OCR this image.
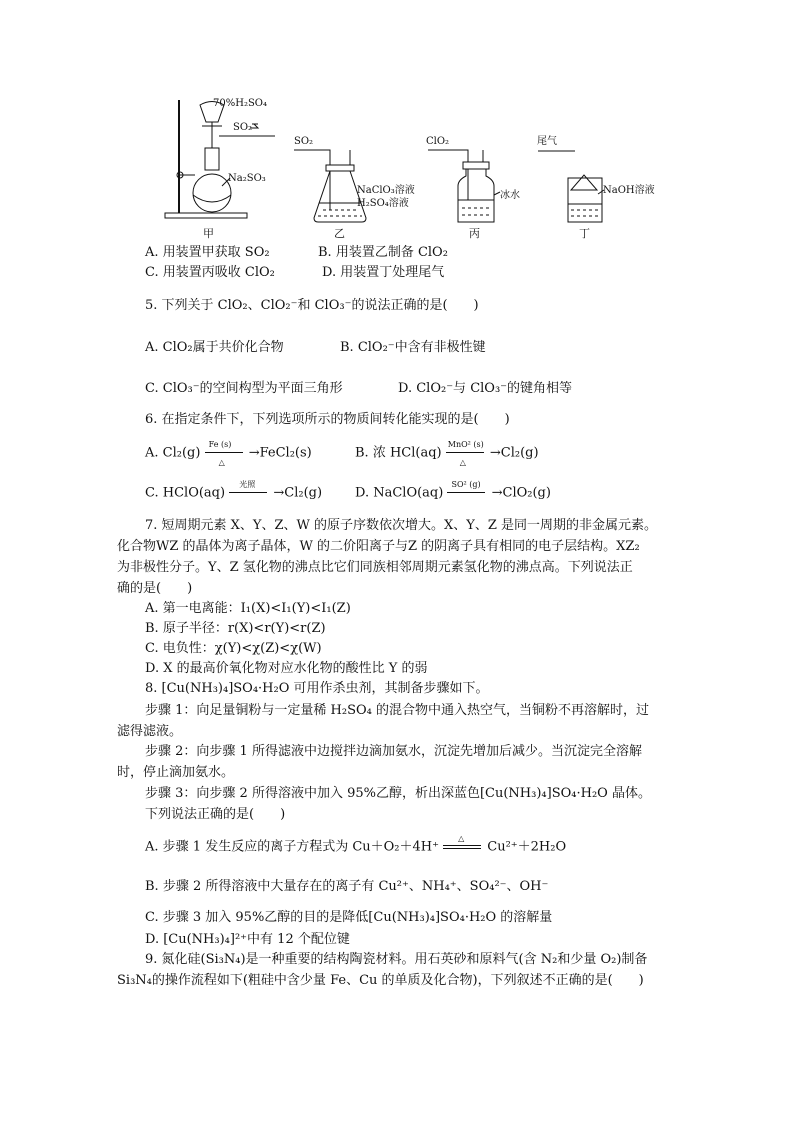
70%H₂SO₄
SO₂
Na₂SO₃
甲
SO₂
NaClO₃溶液
H₂SO₄溶液
乙
ClO₂
冰水
丙
尾气
NaOH溶液
丁
A. 用装置甲获取 SO₂	B. 用装置乙制备 ClO₂
C. 用装置丙吸收 ClO₂	D. 用装置丁处理尾气
5. 下列关于 ClO₂、ClO₂⁻和 ClO₃⁻的说法正确的是(　　)
A. ClO₂属于共价化合物	B. ClO₂⁻中含有非极性键
C. ClO₃⁻的空间构型为平面三角形	D. ClO₂⁻与 ClO₃⁻的键角相等
6. 在指定条件下，下列选项所示的物质间转化能实现的是(　　)
A. Cl₂(g)
Fe (s)
△
→FeCl₂(s)	B. 浓 HCl(aq)
MnO² (s)
△
→Cl₂(g)
C. HClO(aq)
光照
→Cl₂(g)	D. NaClO(aq)
SO² (g)
→ClO₂(g)
7. 短周期元素 X、Y、Z、W 的原子序数依次增大。X、Y、Z 是同一周期的非金属元素。
化合物WZ 的晶体为离子晶体，W 的二价阳离子与Z 的阴离子具有相同的电子层结构。XZ₂
为非极性分子。Y、Z 氢化物的沸点比它们同族相邻周期元素氢化物的沸点高。下列说法正
确的是(　　)
A. 第一电离能：I₁(X)<I₁(Y)<I₁(Z)
B. 原子半径：r(X)<r(Y)<r(Z)
C. 电负性：χ(Y)<χ(Z)<χ(W)
D. X 的最高价氧化物对应水化物的酸性比 Y 的弱
8. [Cu(NH₃)₄]SO₄·H₂O 可用作杀虫剂，其制备步骤如下。
步骤 1：向足量铜粉与一定量稀 H₂SO₄ 的混合物中通入热空气，当铜粉不再溶解时，过
滤得滤液。
步骤 2：向步骤 1 所得滤液中边搅拌边滴加氨水，沉淀先增加后减少。当沉淀完全溶解
时，停止滴加氨水。
步骤 3：向步骤 2 所得溶液中加入 95%乙醇，析出深蓝色[Cu(NH₃)₄]SO₄·H₂O 晶体。
下列说法正确的是(　　)
A. 步骤 1 发生反应的离子方程式为 Cu＋O₂＋4H⁺
△
Cu²⁺＋2H₂O
B. 步骤 2 所得溶液中大量存在的离子有 Cu²⁺、NH₄⁺、SO₄²⁻、OH⁻
C. 步骤 3 加入 95%乙醇的目的是降低[Cu(NH₃)₄]SO₄·H₂O 的溶解量
D. [Cu(NH₃)₄]²⁺中有 12 个配位键
9. 氮化硅(Si₃N₄)是一种重要的结构陶瓷材料。用石英砂和原料气(含 N₂和少量 O₂)制备
Si₃N₄的操作流程如下(粗硅中含少量 Fe、Cu 的单质及化合物)，下列叙述不正确的是(　　)
